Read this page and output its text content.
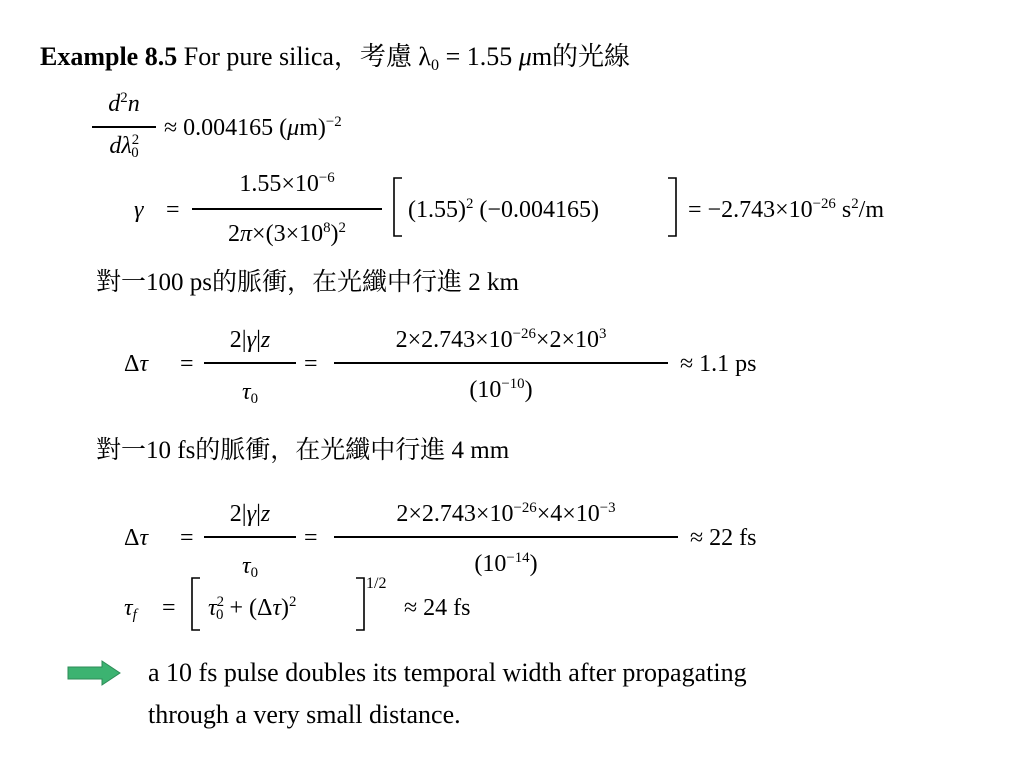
Example 8.5 For pure silica，考慮 $\lambda_0 = 1.55$ μm的光線
$d^2n$
$d\lambda^2_0$
≈ 0.004165 $(\mu m)^{-2}$
γ =
$1.55\times 10^{-6}$
$2\pi\times(3\times 10^8)^2$
$(1.55)^2$ (−0.004165)	= $-2.743\times 10^{-26}$ $s^2/m$
對一100 ps的脈衝，在光纖中行進 2 km
Δτ =
2|γ|z
$\tau_0$
=
$2\times 2.743\times 10^{-26}\times 2\times 10^3$
$(10^{-10})$
≈ 1.1 ps
對一10 fs的脈衝，在光纖中行進 4 mm
Δτ =
2|γ|z
$\tau_0$
=
$2\times 2.743\times 10^{-26}\times 4\times 10^{-3}$
$(10^{-14})$
≈ 22 fs
$\tau_f = \tau^2_0 + (\Delta\tau)^2$
1/2
≈ 24 fs
a 10 fs pulse doubles its temporal width after propagating
through a very small distance.
